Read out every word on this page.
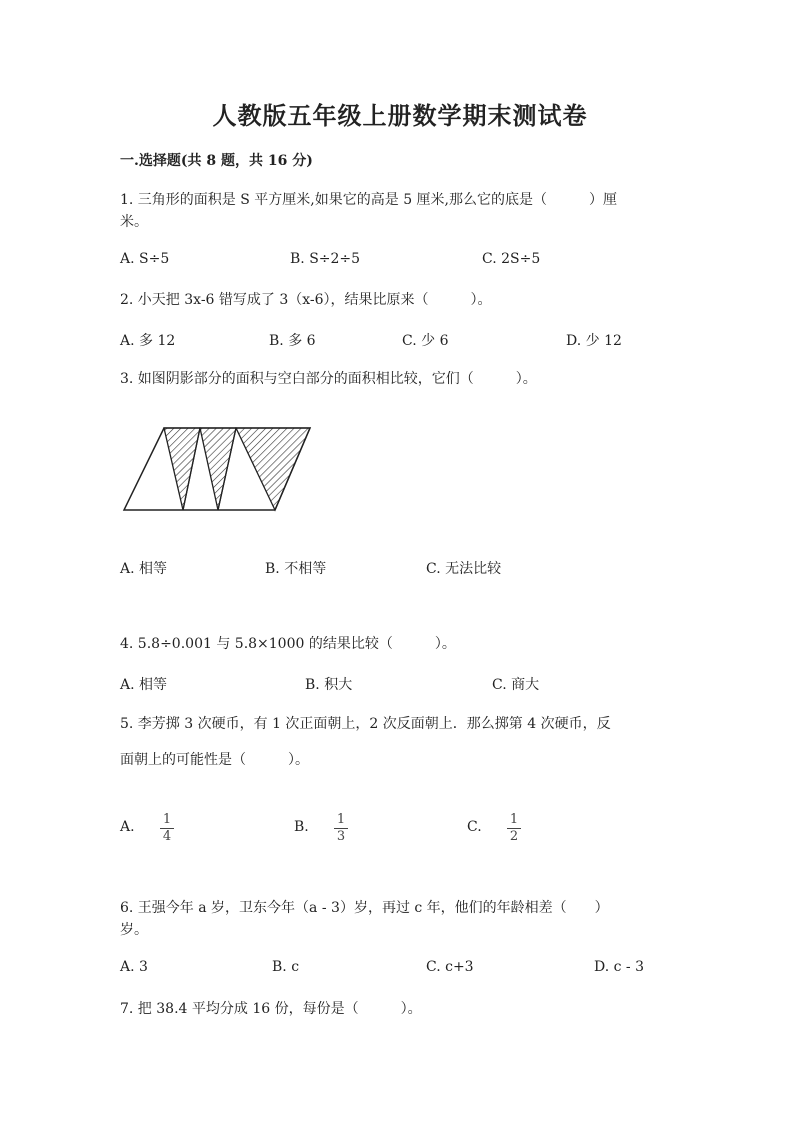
人教版五年级上册数学期末测试卷
一.选择题(共 8 题，共 16 分)
1. 三角形的面积是 S 平方厘米,如果它的高是 5 厘米,那么它的底是（　　　）厘
米。
A. S÷5	B. S÷2÷5	C. 2S÷5
2. 小天把 3x-6 错写成了 3（x-6），结果比原来（　　　）。
A. 多 12	B. 多 6	C. 少 6	D. 少 12
3. 如图阴影部分的面积与空白部分的面积相比较，它们（　　　）。
A. 相等	B. 不相等	C. 无法比较
4. 5.8÷0.001 与 5.8×1000 的结果比较（　　　）。
A. 相等	B. 积大	C. 商大
5. 李芳掷 3 次硬币，有 1 次正面朝上，2 次反面朝上．那么掷第 4 次硬币，反
面朝上的可能性是（　　　）。
A. 1
4
B. 1
3
C. 1
2
6. 王强今年 a 岁，卫东今年（a - 3）岁，再过 c 年，他们的年龄相差（　　）
岁。
A. 3	B. c	C. c+3	D. c - 3
7. 把 38.4 平均分成 16 份，每份是（　　　）。
